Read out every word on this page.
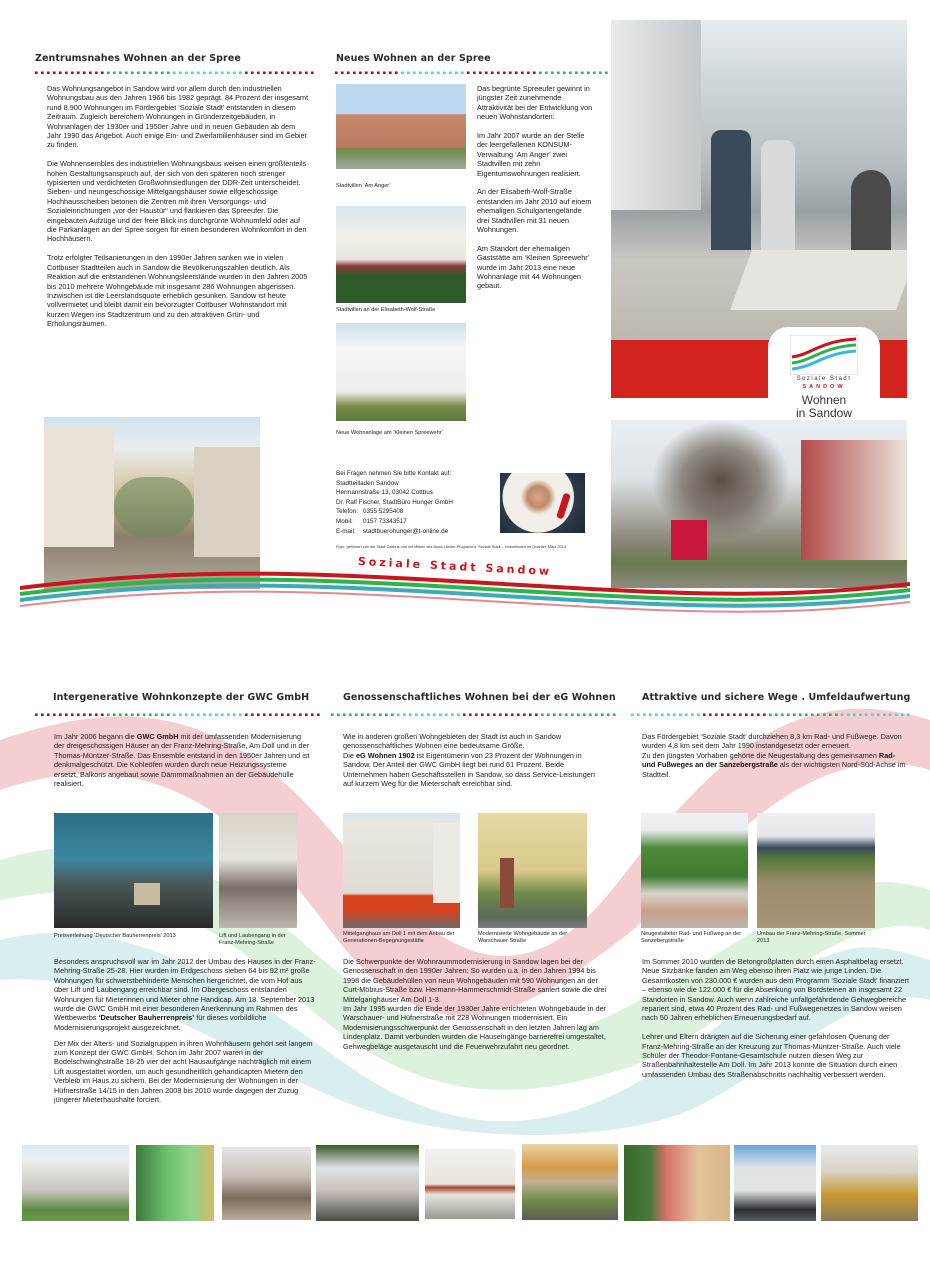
Zentrumsnahes Wohnen an der Spree

Das Wohnungsangebot in Sandow wird vor allem durch den industriellen Wohnungsbau aus den Jahren 1966 bis 1982 geprägt. 84 Prozent der insgesamt rund 8.900 Wohnungen im Fördergebiet ‘Soziale Stadt’ entstanden in diesem Zeitraum. Zugleich bereichern Wohnungen in Gründerzeitgebäuden, in Wohnanlagen der 1930er und 1950er Jahre und in neuen Gebäuden ab dem Jahr 1990 das Angebot. Auch einige Ein- und Zweifamilienhäuser sind im Gebiet zu finden.

Die Wohnensembles des industriellen Wohnungsbaus weisen einen größtenteils hohen Gestaltungsanspruch auf, der sich von den späteren noch strenger typisierten und verdichteten Großwohnsiedlungen der DDR-Zeit unterscheidet. Sieben- und neungeschossige Mittelgangshäuser sowie elfgeschossige Hochhausscheiben betonen die Zentren mit ihren Versorgungs- und Sozialeinrichtungen „vor der Haustür“ und flankieren das Spreeufer. Die eingebauten Aufzüge und der freie Blick ins durchgrünte Wohnumfeld oder auf die Parkanlagen an der Spree sorgen für einen besonderen Wohnkomfort in den Hochhäusern.

Trotz erfolgter Teilsanierungen in den 1990er Jahren sanken wie in vielen Cottbuser Stadtteilen auch in Sandow die Bevölkerungszahlen deutlich. Als Reaktion auf die entstandenen Wohnungsleerstände wurden in den Jahren 2005 bis 2010 mehrere Wohngebäude mit insgesamt 286 Wohnungen abgerissen. Inzwischen ist die Leerstandsquote erheblich gesunken. Sandow ist heute vollvermietet und bleibt damit ein bevorzugter Cottbuser Wohnstandort mit kurzen Wegen ins Stadtzentrum und zu den attraktiven Grün- und Erholungsräumen.

Neues Wohnen an der Spree
Stadtvillen ‘Am Anger’
Stadtvillen an der Elisabeth-Wolf-Straße
Neue Wohnanlage am ‘Kleinen Spreewehr’

Das begrünte Spreeufer gewinnt in jüngster Zeit zunehmende Attraktivität bei der Entwicklung von neuen Wohnstandorten:

Im Jahr 2007 wurde an der Stelle der leergefallenen KONSUM-Verwaltung ‘Am Anger’ zwei Stadtvillen mit zehn Eigentumswohnungen realisiert.

An der Elisabeth-Wolf-Straße entstanden im Jahr 2010 auf einem ehemaligen Schulgartengelände drei Stadtvillen mit 31 neuen Wohnungen.

Am Standort der ehemaligen Gaststätte am ‘Kleinen Spreewehr’ wurde im Jahr 2013 eine neue Wohnanlage mit 44 Wohnungen gebaut.

Bei Fragen nehmen Sie bitte Kontakt auf:
Stadtteilladen Sandow
Hermannstraße 13, 03042 Cottbus
Dr. Ralf Fischer, StadtBüro Hunger GmbH
Telefon: 0355 5295408
Mobil: 0157 73343517
E-mail: stadtbuerohunger@t-online.de
Flyer: gefördert von der Stadt Cottbus und mit Mitteln des Bund-Länder-Programms ‘Soziale Stadt – Investitionen im Quartier’ März 2014
Soziale Stadt
SANDOW
Wohnen
in Sandow
Soziale Stadt Sandow
Intergenerative Wohnkonzepte der GWC GmbH

Im Jahr 2006 begann die GWC GmbH mit der umfassenden Modernisierung der dreigeschossigen Häuser an der Franz-Mehring-Straße, Am Doll und in der Thomas-Müntzer-Straße. Das Ensemble entstand in den 1950er Jahren und ist denkmalgeschützt. Die Kohleöfen wurden durch neue Heizungssysteme ersetzt, Balkons angebaut sowie Dämmmaßnahmen an der Gebäudehülle realisiert.

Preisverleihung ‘Deutscher Bauherrenpreis’ 2013	Lift und Laubengang in der Franz-Mehring-Straße

Besonders anspruchsvoll war im Jahr 2012 der Umbau des Hauses in der Franz-Mehring-Straße 25-28. Hier wurden im Erdgeschoss sieben 64 bis 92 m² große Wohnungen für schwerstbehinderte Menschen hergerichtet, die vom Hof aus über Lift und Laubengang erreichbar sind. Im Obergeschoss entstanden Wohnungen für Mieterinnen und Mieter ohne Handicap. Am 18. September 2013 wurde die GWC GmbH mit einer besonderen Anerkennung im Rahmen des Wettbewerbs ‘Deutscher Bauherrenpreis’ für dieses vorbildliche Modernisierungsprojekt ausgezeichnet.

Der Mix der Alters- und Sozialgruppen in ihren Wohnhäusern gehört seit langem zum Konzept der GWC GmbH. Schon im Jahr 2007 waren in der Bodelschwinghstraße 18-25 vier der acht Hausaufgänge nachträglich mit einem Lift ausgestattet worden, um auch gesundheitlich gehandicapten Mietern den Verbleib im Haus zu sichern. Bei der Modernisierung der Wohnungen in der Hüfnerstraße 14/15 in den Jahren 2008 bis 2010 wurde dagegen der Zuzug jüngerer Mieterhaushalte forciert.

Genossenschaftliches Wohnen bei der eG Wohnen
Wie in anderen großen Wohngebieten der Stadt ist auch in Sandow genossenschaftliches Wohnen eine bedeutsame Größe.

Die eG Wohnen 1902 ist Eigentümerin von 23 Prozent der Wohnungen in Sandow. Der Anteil der GWC GmbH liegt bei rund 61 Prozent. Beide Unternehmen haben Geschäftsstellen in Sandow, so dass Service-Leistungen auf kurzem Weg für die Mieterschaft erreichbar sind.

Mittelganghaus am Doll 1 mit dem Anbau der Generationen-Begegnungsstätte
Modernisierte Wohngebäude an der Warschauer Straße
Die Schwerpunkte der Wohnraummodernisierung in Sandow lagen bei der Genossenschaft in den 1990er Jahren: So wurden u.a. in den Jahren 1994 bis 1998 die Gebäudehüllen von neun Wohngebäuden mit 590 Wohnungen an der Curt-Möbius-Straße bzw. Hermann-Hammerschmidt-Straße saniert sowie die drei Mittelganghäuser Am Doll 1-3.
Im Jahr 1995 wurden die Ende der 1930er Jahre errichteten Wohngebäude in der Warschauer- und Hüfnerstraße mit 228 Wohnungen modernisiert. Ein Modernisierungsschwerpunkt der Genossenschaft in den letzten Jahren lag am Lindenplatz. Damit verbunden wurden die Hauseingänge barrierefrei umgestaltet, Gehwegbeläge ausgetauscht und die Feuerwehrzufahrt neu geordnet.
Attraktive und sichere Wege . Umfeldaufwertung
Das Fördergebiet ‘Soziale Stadt’ durchziehen 8,3 km Rad- und Fußwege. Davon wurden 4,8 km seit dem Jahr 1990 instandgesetzt oder erneuert.

Zu den jüngsten Vorhaben gehörte die Neugestaltung des gemeinsamen Rad- und Fußweges an der Sanzebergstraße als der wichtigsten Nord-Süd-Achse im Stadtteil.

Neugestalteter Rad- und Fußweg an der Sanzebergstraße
Umbau der Franz-Mehring-Straße, Sommer 2013

Im Sommer 2010 wurden die Betongroßplatten durch einen Asphaltbelag ersetzt. Neue Sitzbänke fanden am Weg ebenso ihren Platz wie junge Linden. Die Gesamtkosten von 230.000 € wurden aus dem Programm ‘Soziale Stadt’ finanziert – ebenso wie die 122.000 € für die Absenkung von Bordsteinen an insgesamt 22 Standorten in Sandow. Auch wenn zahlreiche unfallgefährdende Gehwegbereiche repariert sind, etwa 40 Prozent des Rad- und Fußwegenetzes in Sandow weisen nach 50 Jahren erheblichen Erneuerungsbedarf auf.

Lehrer und Eltern drängten auf die Sicherung einer gefahrlosen Querung der Franz-Mehring-Straße an der Kreuzung zur Thomas-Müntzer-Straße. Auch viele Schüler der Theodor-Fontane-Gesamtschule nutzen diesen Weg zur Straßenbahnhaltestelle Am Doll. Im Jahr 2013 konnte die Situation durch einen umfassenden Umbau des Straßenabschnitts nachhaltig verbessert werden.
